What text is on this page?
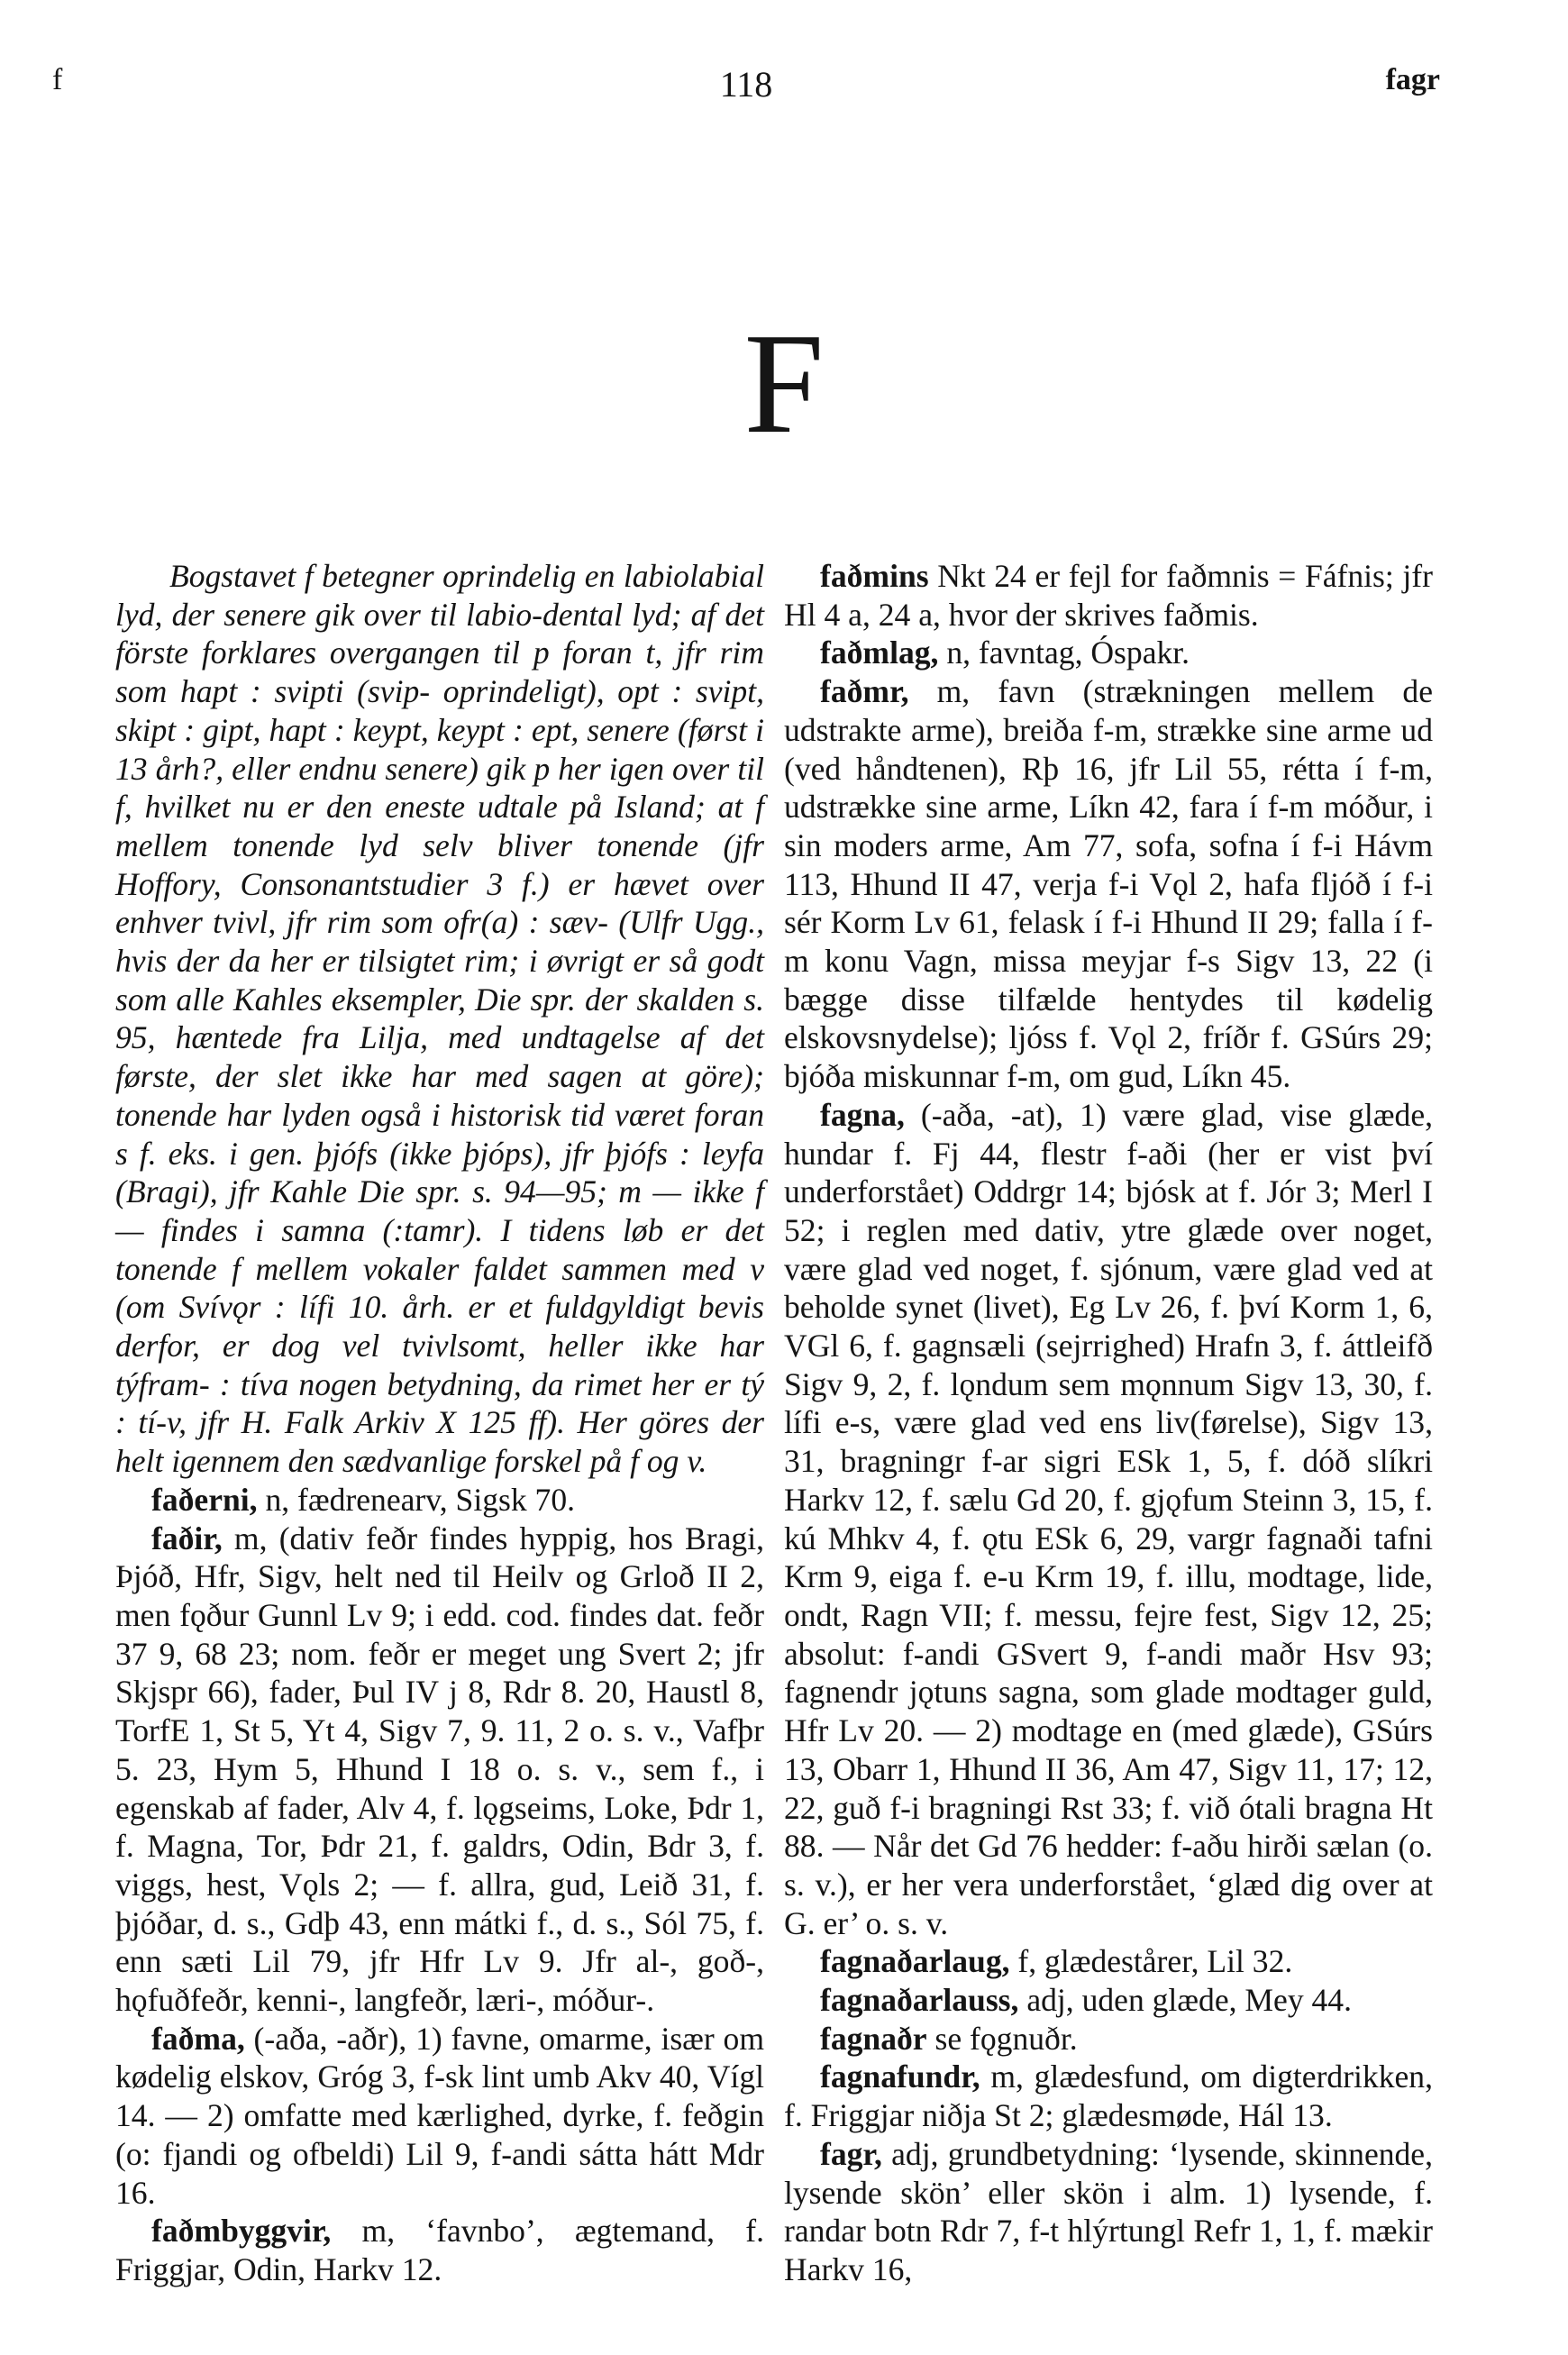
f	118	fagr
F

Bogstavet f betegner oprindelig en labiolabial lyd, der senere gik over til labio-dental lyd; af det förste forklares overgangen til p foran t, jfr rim som hapt : svipti (svip- oprindeligt), opt : svipt, skipt : gipt, hapt : keypt, keypt : ept, senere (først i 13 årh?, eller endnu senere) gik p her igen over til f, hvilket nu er den eneste udtale på Island; at f mellem tonende lyd selv bliver tonende (jfr Hoffory, Consonantstudier 3 f.) er hævet over enhver tvivl, jfr rim som ofr(a) : sæv- (Ulfr Ugg., hvis der da her er tilsigtet rim; i øvrigt er så godt som alle Kahles eksempler, Die spr. der skalden s. 95, hæntede fra Lilja, med undtagelse af det første, der slet ikke har med sagen at göre); tonende har lyden også i historisk tid været foran s f. eks. i gen. þjófs (ikke þjóps), jfr þjófs : leyfa (Bragi), jfr Kahle Die spr. s. 94—95; m — ikke f — findes i samna (:tamr). I tidens løb er det tonende f mellem vokaler faldet sammen med v (om Svívǫr : lífi 10. årh. er et fuldgyldigt bevis derfor, er dog vel tvivlsomt, heller ikke har týfram- : tíva nogen betydning, da rimet her er tý : tí-v, jfr H. Falk Arkiv X 125 ff). Her göres der helt igennem den sædvanlige forskel på f og v.

faðerni, n, fædrenearv, Sigsk 70.

faðir, m, (dativ feðr findes hyppig, hos Bragi, Þjóð, Hfr, Sigv, helt ned til Heilv og Grloð II 2, men fǫður Gunnl Lv 9; i edd. cod. findes dat. feðr 37 9, 68 23; nom. feðr er meget ung Svert 2; jfr Skjspr 66), fader, Þul IV j 8, Rdr 8. 20, Haustl 8, TorfE 1, St 5, Yt 4, Sigv 7, 9. 11, 2 o. s. v., Vafþr 5. 23, Hym 5, Hhund I 18 o. s. v., sem f., i egenskab af fader, Alv 4, f. lǫgseims, Loke, Þdr 1, f. Magna, Tor, Þdr 21, f. galdrs, Odin, Bdr 3, f. viggs, hest, Vǫls 2; — f. allra, gud, Leið 31, f. þjóðar, d. s., Gdþ 43, enn mátki f., d. s., Sól 75, f. enn sæti Lil 79, jfr Hfr Lv 9. Jfr al-, goð-, hǫfuðfeðr, kenni-, langfeðr, læri-, móður-.

faðma, (-aða, -aðr), 1) favne, omarme, især om kødelig elskov, Gróg 3, f-sk lint umb Akv 40, Vígl 14. — 2) omfatte med kærlighed, dyrke, f. feðgin (o: fjandi og ofbeldi) Lil 9, f-andi sátta hátt Mdr 16.

faðmbyggvir, m, ‘favnbo’, ægtemand, f. Friggjar, Odin, Harkv 12.

faðmins Nkt 24 er fejl for faðmnis = Fáfnis; jfr Hl 4 a, 24 a, hvor der skrives faðmis.

faðmlag, n, favntag, Óspakr.

faðmr, m, favn (strækningen mellem de udstrakte arme), breiða f-m, strække sine arme ud (ved håndtenen), Rþ 16, jfr Lil 55, rétta í f-m, udstrække sine arme, Líkn 42, fara í f-m móður, i sin moders arme, Am 77, sofa, sofna í f-i Hávm 113, Hhund II 47, verja f-i Vǫl 2, hafa fljóð í f-i sér Korm Lv 61, felask í f-i Hhund II 29; falla í f-m konu Vagn, missa meyjar f-s Sigv 13, 22 (i bægge disse tilfælde hentydes til kødelig elskovsnydelse); ljóss f. Vǫl 2, fríðr f. GSúrs 29; bjóða miskunnar f-m, om gud, Líkn 45.

fagna, (-aða, -at), 1) være glad, vise glæde, hundar f. Fj 44, flestr f-aði (her er vist því underforstået) Oddrgr 14; bjósk at f. Jór 3; Merl I 52; i reglen med dativ, ytre glæde over noget, være glad ved noget, f. sjónum, være glad ved at beholde synet (livet), Eg Lv 26, f. því Korm 1, 6, VGl 6, f. gagnsæli (sejrrighed) Hrafn 3, f. áttleifð Sigv 9, 2, f. lǫndum sem mǫnnum Sigv 13, 30, f. lífi e-s, være glad ved ens liv(førelse), Sigv 13, 31, bragningr f-ar sigri ESk 1, 5, f. dóð slíkri Harkv 12, f. sælu Gd 20, f. gjǫfum Steinn 3, 15, f. kú Mhkv 4, f. ǫtu ESk 6, 29, vargr fagnaði tafni Krm 9, eiga f. e-u Krm 19, f. illu, modtage, lide, ondt, Ragn VII; f. messu, fejre fest, Sigv 12, 25; absolut: f-andi GSvert 9, f-andi maðr Hsv 93; fagnendr jǫtuns sagna, som glade modtager guld, Hfr Lv 20. — 2) modtage en (med glæde), GSúrs 13, Obarr 1, Hhund II 36, Am 47, Sigv 11, 17; 12, 22, guð f-i bragningi Rst 33; f. við ótali bragna Ht 88. — Når det Gd 76 hedder: f-aðu hirði sælan (o. s. v.), er her vera underforstået, ‘glæd dig over at G. er’ o. s. v.

fagnaðarlaug, f, glædestårer, Lil 32.

fagnaðarlauss, adj, uden glæde, Mey 44.

fagnaðr se fǫgnuðr.

fagnafundr, m, glædesfund, om digterdrikken, f. Friggjar niðja St 2; glædesmøde, Hál 13.

fagr, adj, grundbetydning: ‘lysende, skinnende, lysende skön’ eller skön i alm. 1) lysende, f. randar botn Rdr 7, f-t hlýrtungl Refr 1, 1, f. mækir Harkv 16,
